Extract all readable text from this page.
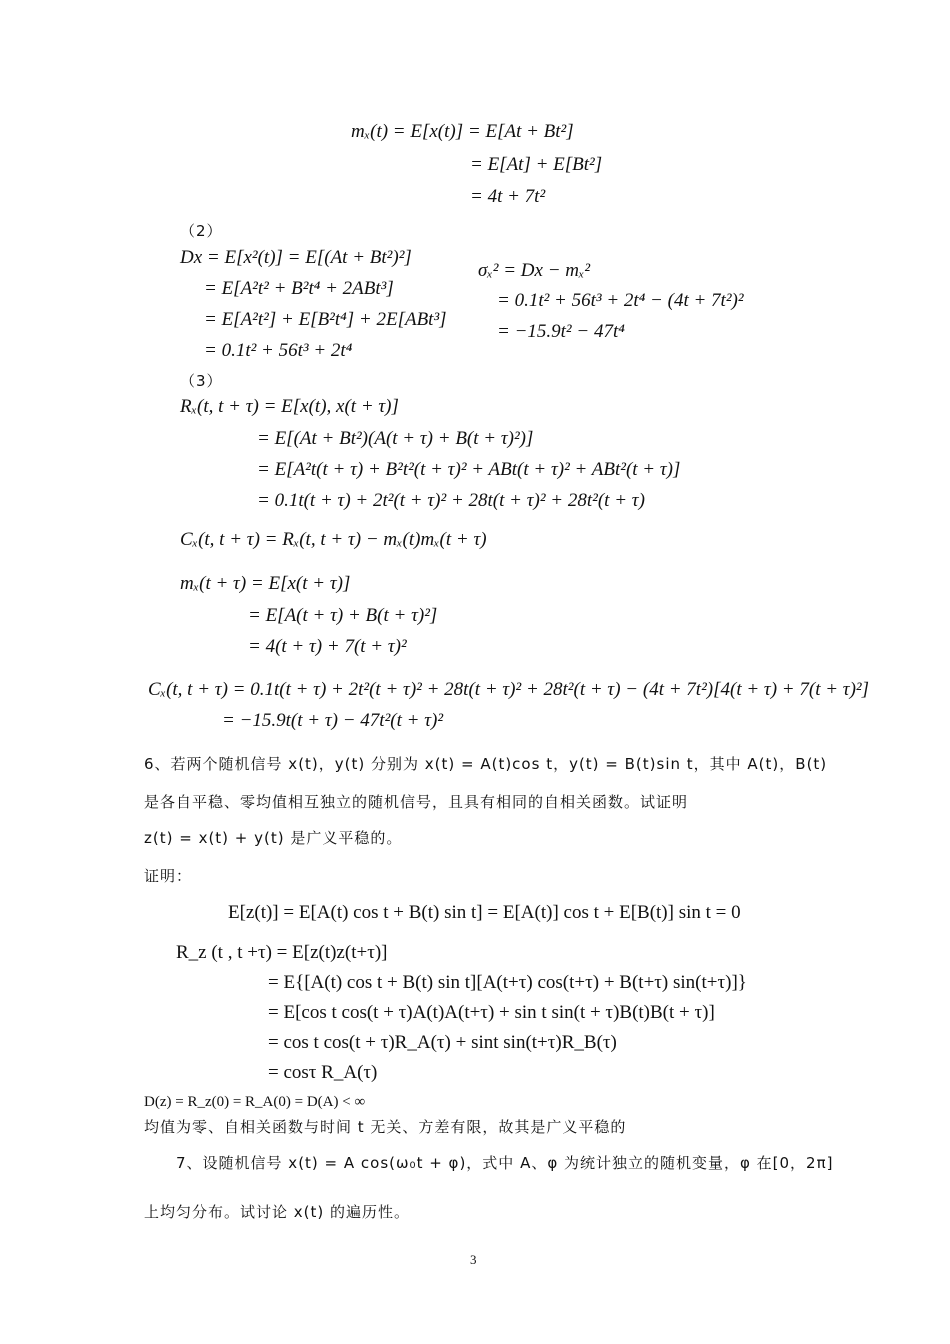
mₓ(t) = E[x(t)] = E[At + Bt²]
= E[At] + E[Bt²]
= 4t + 7t²
（2）
Dx = E[x²(t)] = E[(At + Bt²)²]
= E[A²t² + B²t⁴ + 2ABt³]
= E[A²t²] + E[B²t⁴] + 2E[ABt³]
= 0.1t² + 56t³ + 2t⁴
σₓ² = Dx − mₓ²
= 0.1t² + 56t³ + 2t⁴ − (4t + 7t²)²
= −15.9t² − 47t⁴
（3）
Rₓ(t, t + τ) = E[x(t), x(t + τ)]
= E[(At + Bt²)(A(t + τ) + B(t + τ)²)]
= E[A²t(t + τ) + B²t²(t + τ)² + ABt(t + τ)² + ABt²(t + τ)]
= 0.1t(t + τ) + 2t²(t + τ)² + 28t(t + τ)² + 28t²(t + τ)
Cₓ(t, t + τ) = Rₓ(t, t + τ) − mₓ(t)mₓ(t + τ)
mₓ(t + τ) = E[x(t + τ)]
= E[A(t + τ) + B(t + τ)²]
= 4(t + τ) + 7(t + τ)²
Cₓ(t, t + τ) = 0.1t(t + τ) + 2t²(t + τ)² + 28t(t + τ)² + 28t²(t + τ) − (4t + 7t²)[4(t + τ) + 7(t + τ)²]
= −15.9t(t + τ) − 47t²(t + τ)²
6、若两个随机信号 x(t)，y(t) 分别为 x(t) = A(t)cos t，y(t) = B(t)sin t，其中 A(t)，B(t)
是各自平稳、零均值相互独立的随机信号，且具有相同的自相关函数。试证明
z(t) = x(t) + y(t) 是广义平稳的。
证明：
E[z(t)] = E[A(t) cos t + B(t) sin t] = E[A(t)] cos t + E[B(t)] sin t = 0
R_z (t , t +τ) = E[z(t)z(t+τ)]
= E{[A(t) cos t + B(t) sin t][A(t+τ) cos(t+τ) + B(t+τ) sin(t+τ)]}
= E[cos t cos(t + τ)A(t)A(t+τ) + sin t sin(t + τ)B(t)B(t + τ)]
= cos t cos(t + τ)R_A(τ) + sint sin(t+τ)R_B(τ)
= cosτ R_A(τ)
D(z) = R_z(0) = R_A(0) = D(A) < ∞
均值为零、自相关函数与时间 t 无关、方差有限，故其是广义平稳的
7、设随机信号 x(t) = A cos(ω₀t + φ)，式中 A、φ 为统计独立的随机变量，φ 在[0，2π]
上均匀分布。试讨论 x(t) 的遍历性。
3
